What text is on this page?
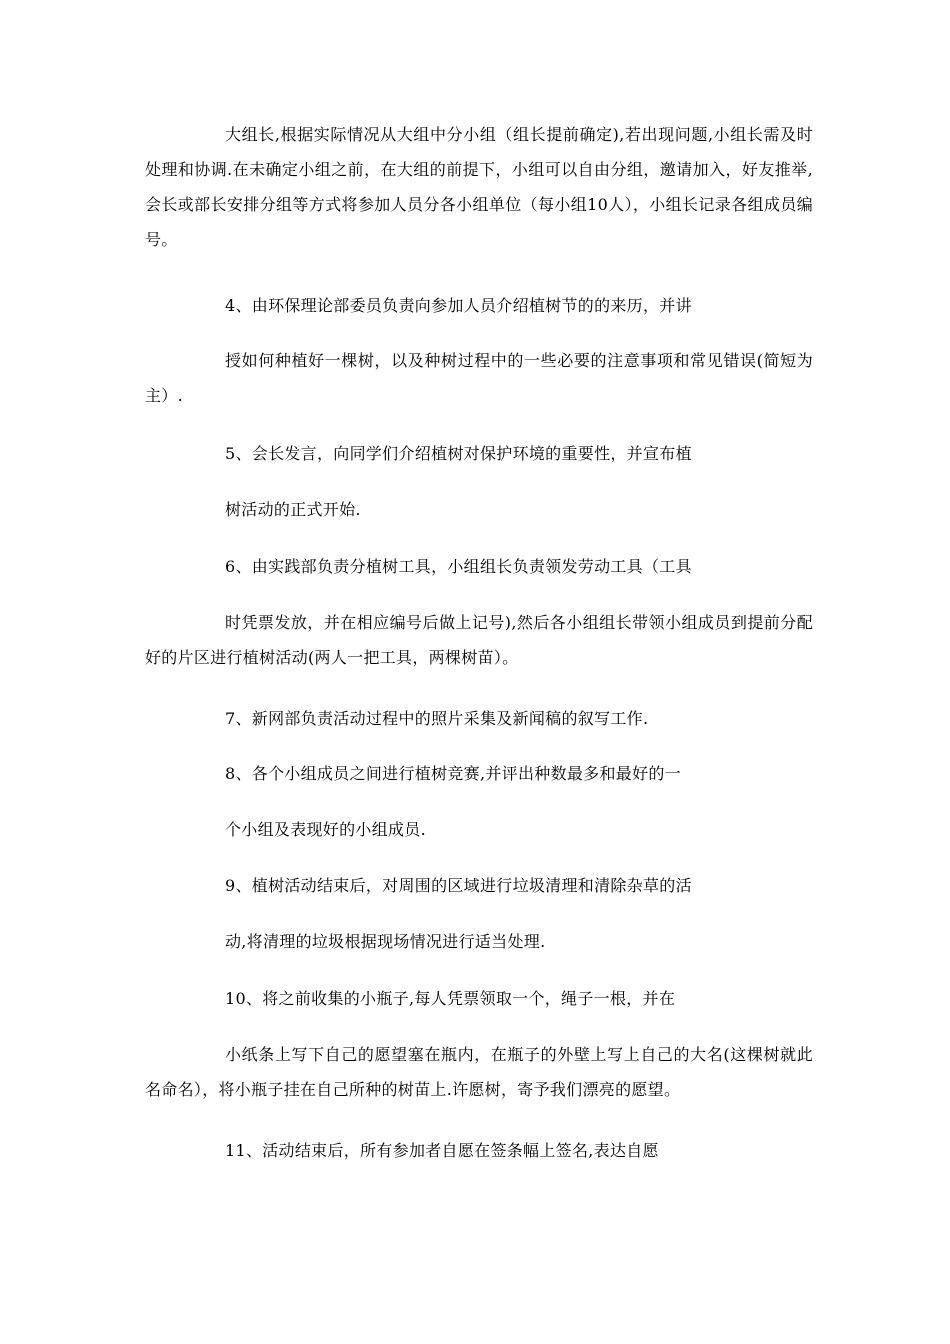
大组长,根据实际情况从大组中分小组（组长提前确定),若出现问题,小组长需及时处理和协调.在未确定小组之前，在大组的前提下，小组可以自由分组，邀请加入，好友推举,会长或部长安排分组等方式将参加人员分各小组单位（每小组10人），小组长记录各组成员编号。

4、由环保理论部委员负责向参加人员介绍植树节的的来历，并讲

授如何种植好一棵树，以及种树过程中的一些必要的注意事项和常见错误(简短为主）.

5、会长发言，向同学们介绍植树对保护环境的重要性，并宣布植

树活动的正式开始.

6、由实践部负责分植树工具，小组组长负责领发劳动工具（工具

时凭票发放，并在相应编号后做上记号),然后各小组组长带领小组成员到提前分配好的片区进行植树活动(两人一把工具，两棵树苗）。

7、新网部负责活动过程中的照片采集及新闻稿的叙写工作.

8、各个小组成员之间进行植树竞赛,并评出种数最多和最好的一

个小组及表现好的小组成员.

9、植树活动结束后，对周围的区域进行垃圾清理和清除杂草的活

动,将清理的垃圾根据现场情况进行适当处理.

10、将之前收集的小瓶子,每人凭票领取一个，绳子一根，并在

小纸条上写下自己的愿望塞在瓶内，在瓶子的外壁上写上自己的大名(这棵树就此名命名），将小瓶子挂在自己所种的树苗上.许愿树，寄予我们漂亮的愿望。

11、活动结束后，所有参加者自愿在签条幅上签名,表达自愿
